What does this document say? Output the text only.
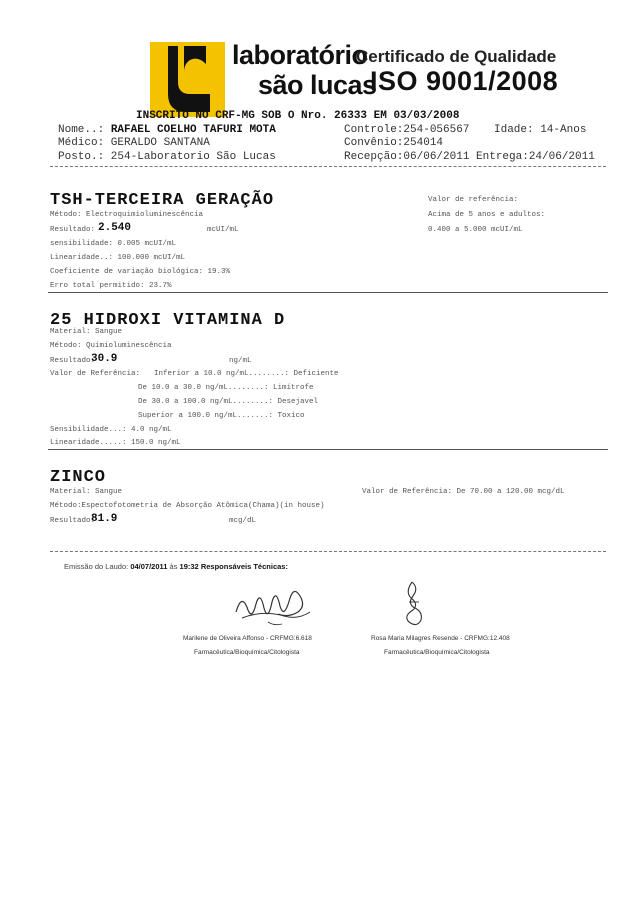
laboratório
são lucas
Certificado de Qualidade
ISO 9001/2008
INSCRITO NO CRF-MG SOB O Nro. 26333 EM 03/03/2008
Nome..: RAFAEL COELHO TAFURI MOTA	Controle:254-056567 Idade: 14-Anos
Médico: GERALDO SANTANA	Convênio:254014
Posto.: 254-Laboratorio São Lucas	Recepção:06/06/2011 Entrega:24/06/2011
TSH-TERCEIRA GERAÇÃO
Método: Electroquimioluminescência
Valor de referência:
Acima de 5 anos e adultos:
Resultado: 2.540	mcUI/mL	0.400 a 5.000 mcUI/mL
sensibilidade: 0.005 mcUI/mL
Linearidade..: 100.000 mcUI/mL
Coeficiente de variação biológica: 19.3%
Erro total permitido: 23.7%
25 HIDROXI VITAMINA D
Material: Sangue
Método: Quimioluminescência
Resultado:
30.9	ng/mL
Valor de Referência: Inferior a 10.0 ng/mL........: Deficiente
De 10.0 a 30.0 ng/mL........: Limítrofe
De 30.0 a 100.0 ng/mL........: Desejavel
Superior a 100.0 ng/mL.......: Toxico
Sensibilidade...: 4.0 ng/mL
Linearidade.....: 150.0 ng/mL
ZINCO
Material: Sangue	Valor de Referência: De 70.00 a 120.00 mcg/dL
Método:Espectofotometria de Absorção Atômica(Chama)(in house)
Resultado:
81.9	mcg/dL
Emissão do Laudo: 04/07/2011 às 19:32 Responsáveis Técnicas:
Marilene de Oliveira Affonso - CRFMG:6.618
Farmacêutica/Bioquímica/Citologista
Rosa Maria Milagres Resende - CRFMG:12.408
Farmacêutica/Bioquímica/Citologista
